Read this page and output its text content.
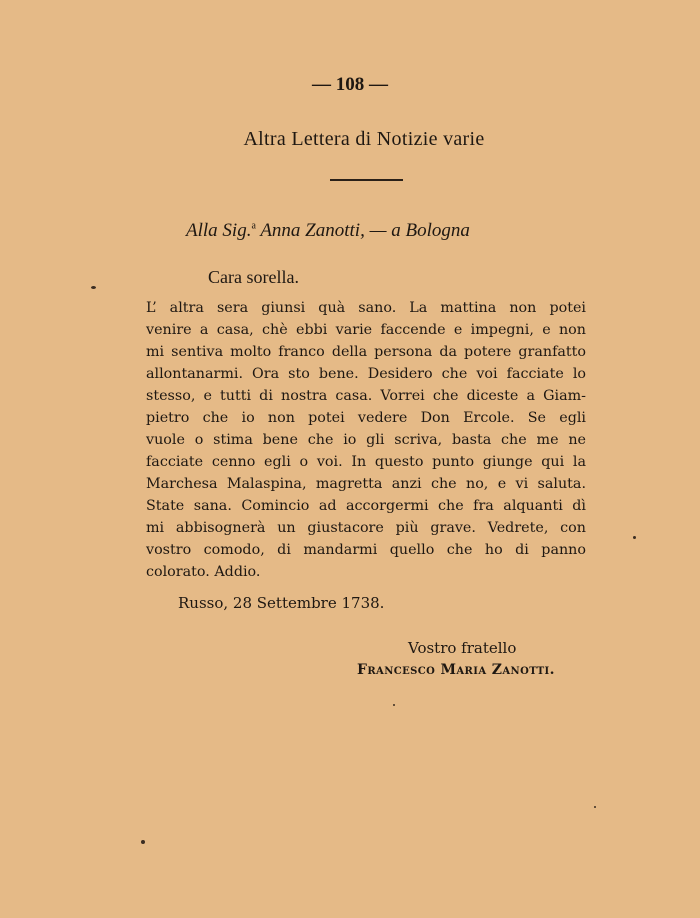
— 108 —
Altra Lettera di Notizie varie
Alla Sig.$^a$ Anna Zanotti, — a Bologna
Cara sorella.
L’ altra sera giunsi quà sano. La mattina non potei
venire a casa, chè ebbi varie faccende e impegni, e non
mi sentiva molto franco della persona da potere granfatto
allontanarmi. Ora sto bene. Desidero che voi facciate lo
stesso, e tutti di nostra casa. Vorrei che diceste a Giam-
pietro che io non potei vedere Don Ercole. Se egli
vuole o stima bene che io gli scriva, basta che me ne
facciate cenno egli o voi. In questo punto giunge qui la
Marchesa Malaspina, magretta anzi che no, e vi saluta.
State sana. Comincio ad accorgermi che fra alquanti dì
mi abbisognerà un giustacore più grave. Vedrete, con
vostro comodo, di mandarmi quello che ho di panno
colorato. Addio.
Russo, 28 Settembre 1738.
Vostro fratello
Francesco Maria Zanotti.
